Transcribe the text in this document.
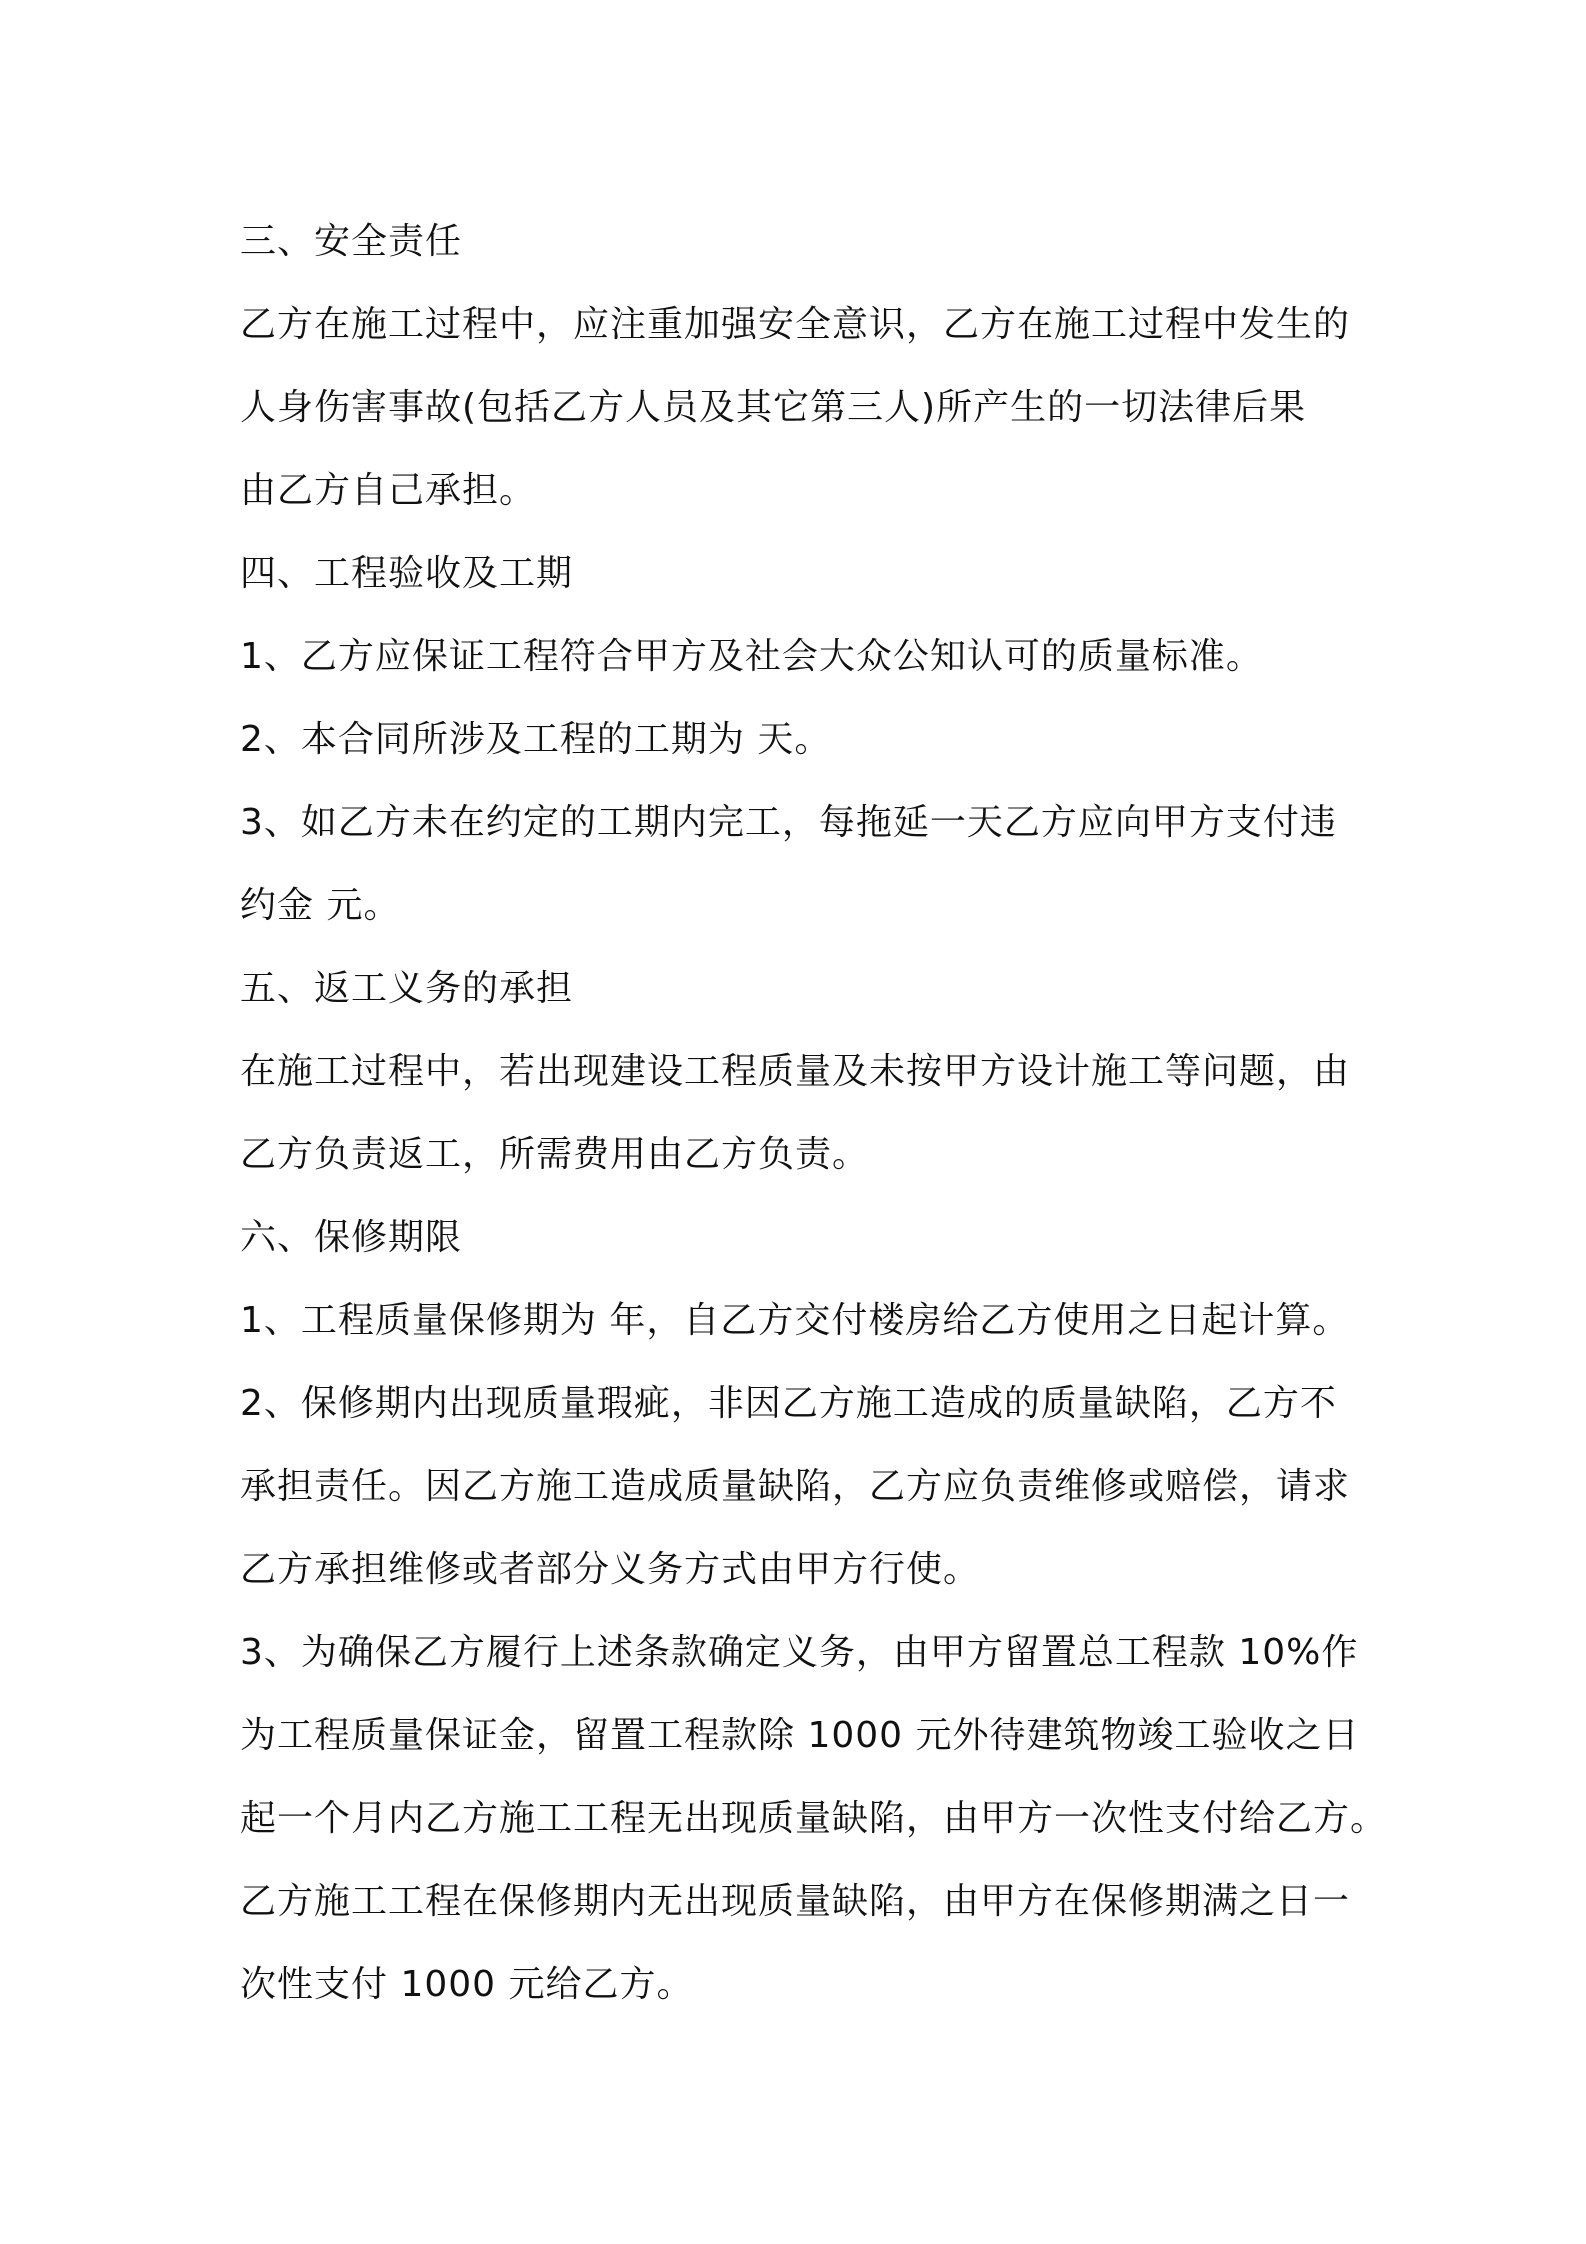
三、安全责任

乙方在施工过程中，应注重加强安全意识，乙方在施工过程中发生的

人身伤害事故(包括乙方人员及其它第三人)所产生的一切法律后果

由乙方自己承担。

四、工程验收及工期

1、乙方应保证工程符合甲方及社会大众公知认可的质量标准。

2、本合同所涉及工程的工期为 天。

3、如乙方未在约定的工期内完工，每拖延一天乙方应向甲方支付违

约金 元。

五、返工义务的承担

在施工过程中，若出现建设工程质量及未按甲方设计施工等问题，由

乙方负责返工，所需费用由乙方负责。

六、保修期限

1、工程质量保修期为 年，自乙方交付楼房给乙方使用之日起计算。

2、保修期内出现质量瑕疵，非因乙方施工造成的质量缺陷，乙方不

承担责任。因乙方施工造成质量缺陷，乙方应负责维修或赔偿，请求

乙方承担维修或者部分义务方式由甲方行使。

3、为确保乙方履行上述条款确定义务，由甲方留置总工程款 10%作

为工程质量保证金，留置工程款除 1000 元外待建筑物竣工验收之日

起一个月内乙方施工工程无出现质量缺陷，由甲方一次性支付给乙方。

乙方施工工程在保修期内无出现质量缺陷，由甲方在保修期满之日一

次性支付 1000 元给乙方。
